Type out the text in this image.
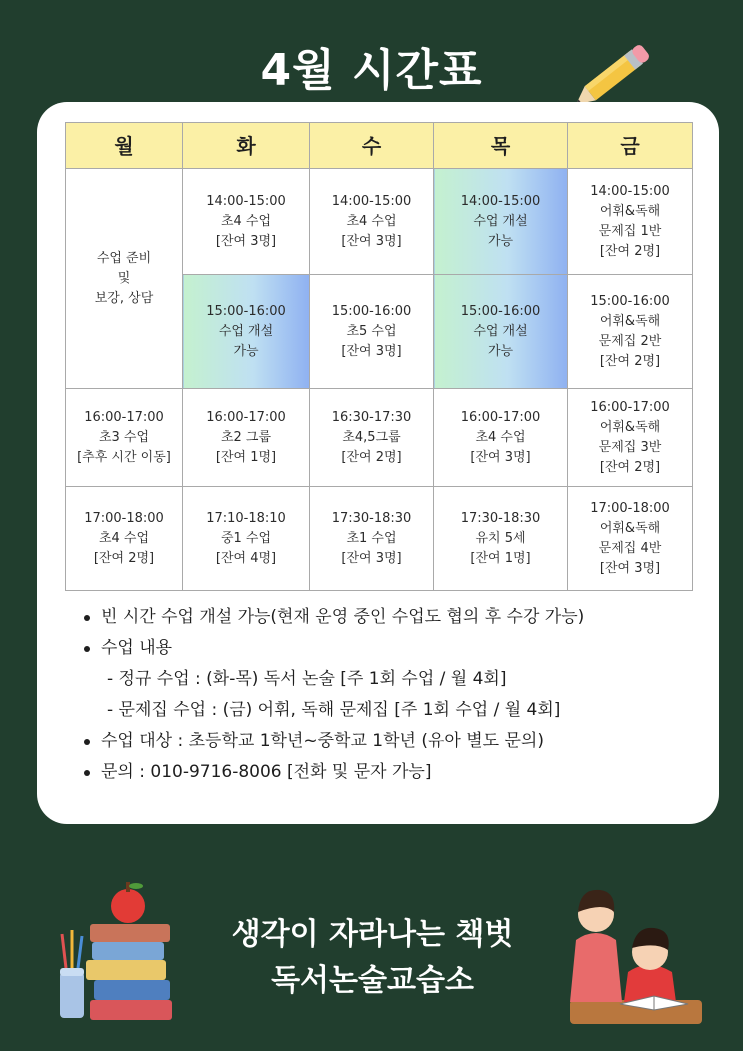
4월 시간표
월	화	수	목	금

수업 준비
및
보강, 상담	14:00-15:00
초4 수업
[잔여 3명]	14:00-15:00
초4 수업
[잔여 3명]	14:00-15:00
수업 개설
가능	14:00-15:00
어휘&독해
문제집 1반
[잔여 2명]

	15:00-16:00
수업 개설
가능	15:00-16:00
초5 수업
[잔여 3명]	15:00-16:00
수업 개설
가능	15:00-16:00
어휘&독해
문제집 2반
[잔여 2명]

16:00-17:00
초3 수업
[추후 시간 이동]	16:00-17:00
초2 그룹
[잔여 1명]	16:30-17:30
초4,5그룹
[잔여 2명]	16:00-17:00
초4 수업
[잔여 3명]	16:00-17:00
어휘&독해
문제집 3반
[잔여 2명]

17:00-18:00
초4 수업
[잔여 2명]	17:10-18:10
중1 수업
[잔여 4명]	17:30-18:30
초1 수업
[잔여 3명]	17:30-18:30
유치 5세
[잔여 1명]	17:00-18:00
어휘&독해
문제집 4반
[잔여 3명]
빈 시간 수업 개설 가능(현재 운영 중인 수업도 협의 후 수강 가능)
수업 내용
- 정규 수업 : (화-목) 독서 논술 [주 1회 수업 / 월 4회]
- 문제집 수업 : (금) 어휘, 독해 문제집 [주 1회 수업 / 월 4회]
수업 대상 : 초등학교 1학년~중학교 1학년 (유아 별도 문의)
문의 : 010-9716-8006 [전화 및 문자 가능]
생각이 자라나는 책벗
독서논술교습소
